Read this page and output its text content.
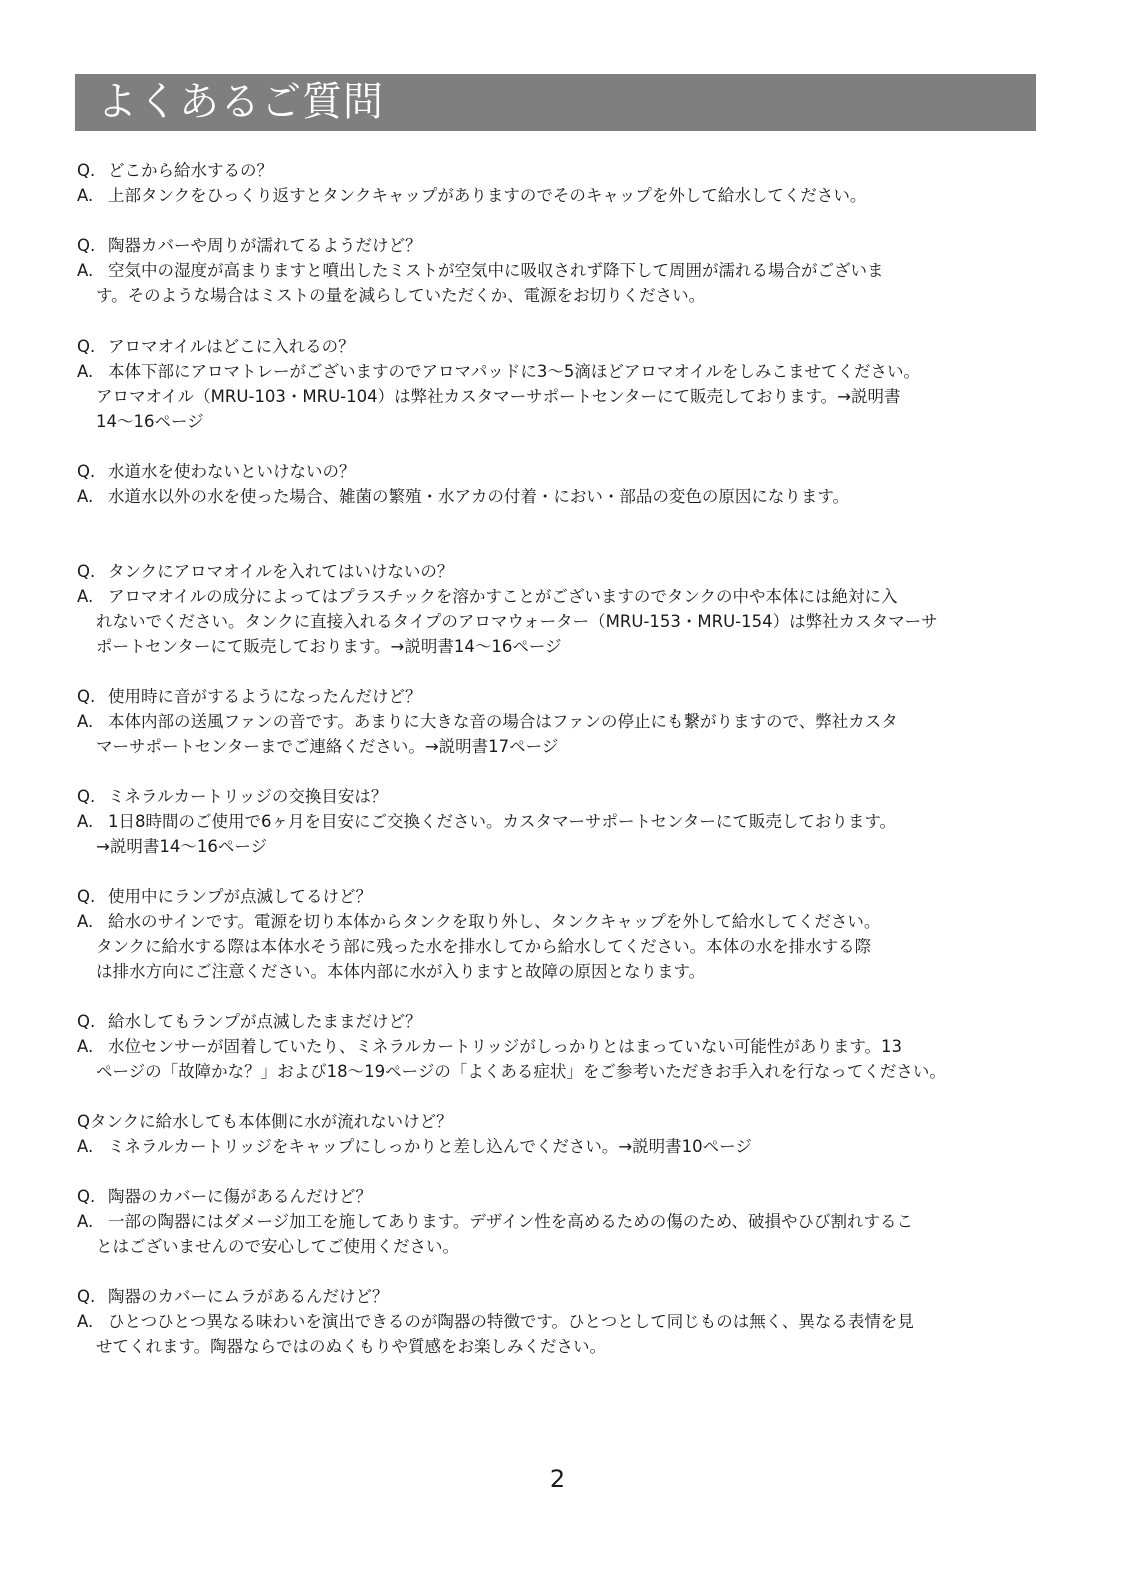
よくあるご質問
Q. どこから給水するの？
A. 上部タンクをひっくり返すとタンクキャップがありますのでそのキャップを外して給水してください。
Q. 陶器カバーや周りが濡れてるようだけど？
A. 空気中の湿度が高まりますと噴出したミストが空気中に吸収されず降下して周囲が濡れる場合がございま
す。そのような場合はミストの量を減らしていただくか、電源をお切りください。
Q. アロマオイルはどこに入れるの？
A. 本体下部にアロマトレーがございますのでアロマパッドに3～5滴ほどアロマオイルをしみこませてください。
アロマオイル（MRU-103・MRU-104）は弊社カスタマーサポートセンターにて販売しております。→説明書
14～16ページ
Q. 水道水を使わないといけないの？
A. 水道水以外の水を使った場合、雑菌の繁殖・水アカの付着・におい・部品の変色の原因になります。
Q. タンクにアロマオイルを入れてはいけないの？
A. アロマオイルの成分によってはプラスチックを溶かすことがございますのでタンクの中や本体には絶対に入
れないでください。タンクに直接入れるタイプのアロマウォーター（MRU-153・MRU-154）は弊社カスタマーサ
ポートセンターにて販売しております。→説明書14～16ページ
Q. 使用時に音がするようになったんだけど？
A. 本体内部の送風ファンの音です。あまりに大きな音の場合はファンの停止にも繋がりますので、弊社カスタ
マーサポートセンターまでご連絡ください。→説明書17ページ
Q. ミネラルカートリッジの交換目安は？
A. 1日8時間のご使用で6ヶ月を目安にご交換ください。カスタマーサポートセンターにて販売しております。
→説明書14～16ページ
Q. 使用中にランプが点滅してるけど？
A. 給水のサインです。電源を切り本体からタンクを取り外し、タンクキャップを外して給水してください。
タンクに給水する際は本体水そう部に残った水を排水してから給水してください。本体の水を排水する際
は排水方向にご注意ください。本体内部に水が入りますと故障の原因となります。
Q. 給水してもランプが点滅したままだけど？
A. 水位センサーが固着していたり、ミネラルカートリッジがしっかりとはまっていない可能性があります。13
ページの「故障かな？」および18～19ページの「よくある症状」をご参考いただきお手入れを行なってください。
Q タンクに給水しても本体側に水が流れないけど？
A. ミネラルカートリッジをキャップにしっかりと差し込んでください。→説明書10ページ
Q. 陶器のカバーに傷があるんだけど？
A. 一部の陶器にはダメージ加工を施してあります。デザイン性を高めるための傷のため、破損やひび割れするこ
とはございませんので安心してご使用ください。
Q. 陶器のカバーにムラがあるんだけど？
A. ひとつひとつ異なる味わいを演出できるのが陶器の特徴です。ひとつとして同じものは無く、異なる表情を見
せてくれます。陶器ならではのぬくもりや質感をお楽しみください。
2
